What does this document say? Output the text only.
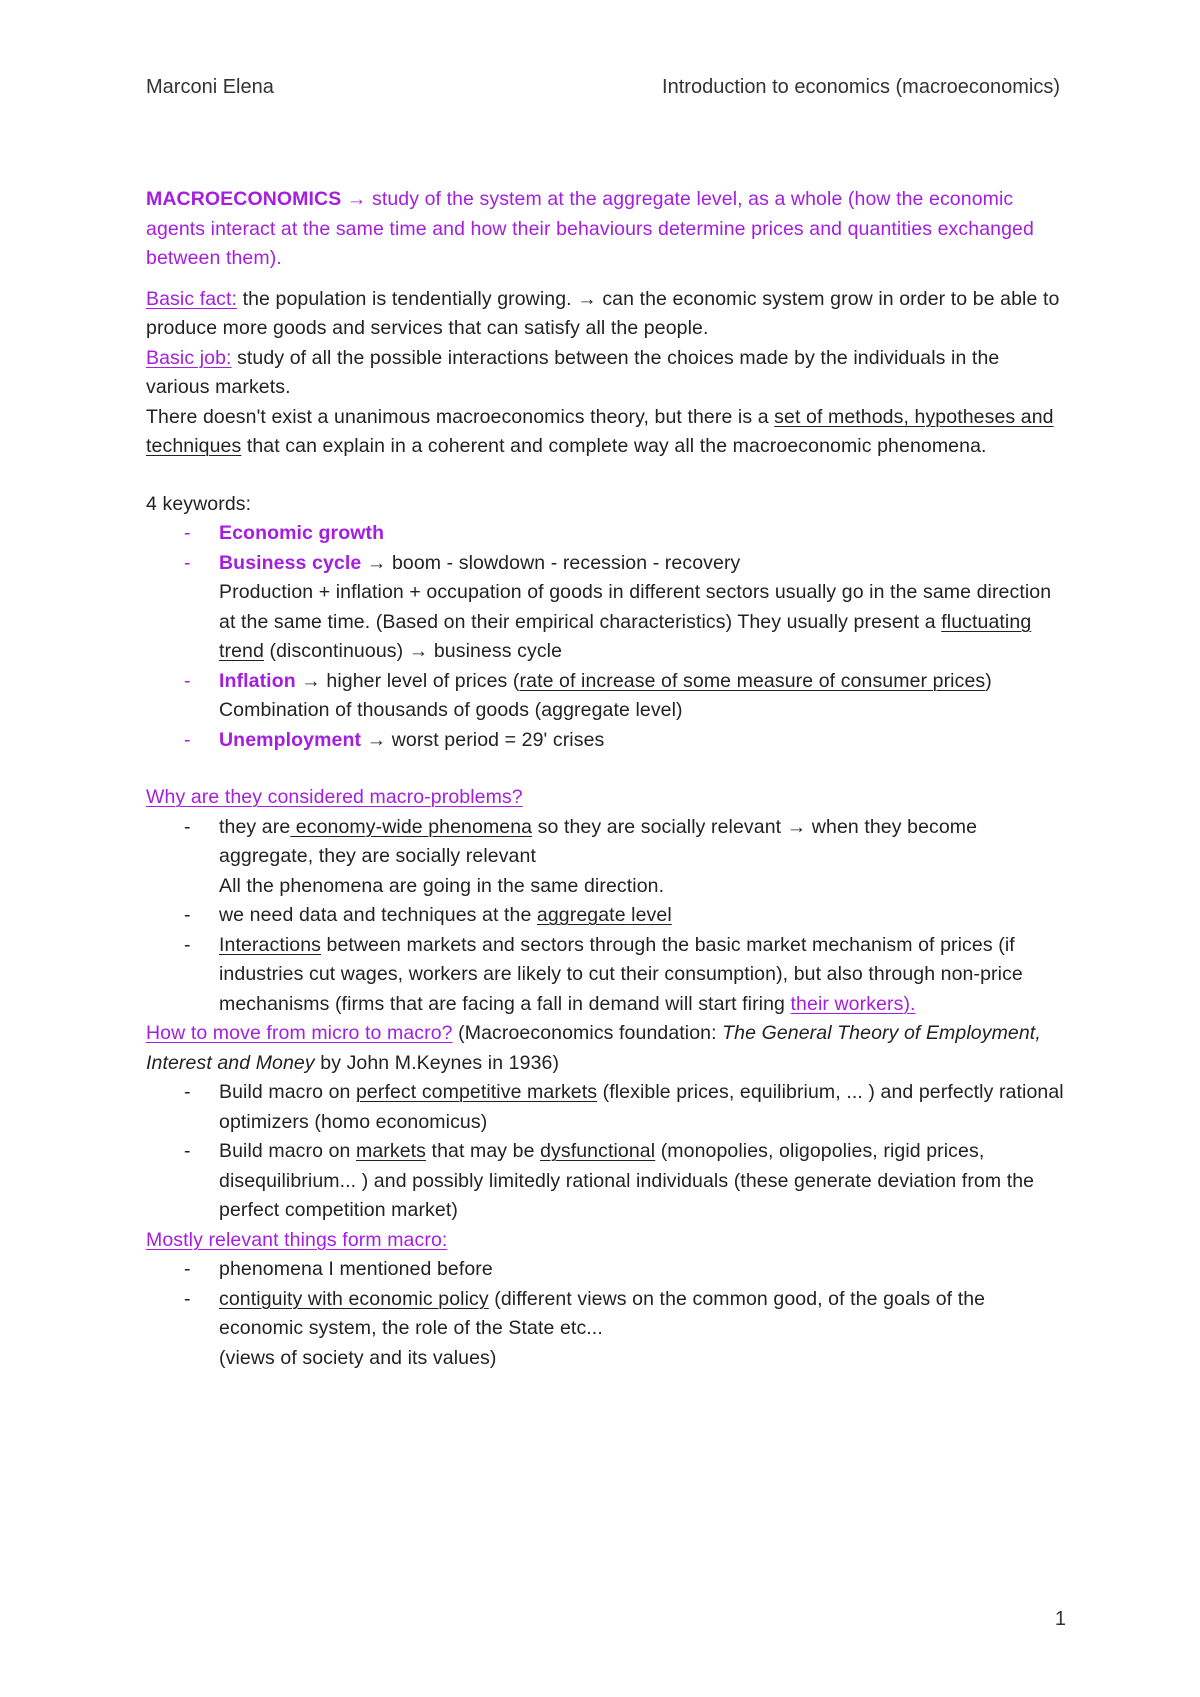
Marconi Elena	Introduction to economics (macroeconomics)

MACROECONOMICS → study of the system at the aggregate level, as a whole (how the economic agents interact at the same time and how their behaviours determine prices and quantities exchanged between them).

Basic fact: the population is tendentially growing. → can the economic system grow in order to be able to produce more goods and services that can satisfy all the people.

Basic job: study of all the possible interactions between the choices made by the individuals in the various markets.

There doesn't exist a unanimous macroeconomics theory, but there is a set of methods, hypotheses and techniques that can explain in a coherent and complete way all the macroeconomic phenomena.

4 keywords:

- Economic growth
- Business cycle → boom - slowdown - recession - recovery

Production + inflation + occupation of goods in different sectors usually go in the same direction at the same time. (Based on their empirical characteristics) They usually present a fluctuating trend (discontinuous) → business cycle

- Inflation → higher level of prices (rate of increase of some measure of consumer prices)

Combination of thousands of goods (aggregate level)

- Unemployment → worst period = 29' crises

Why are they considered macro-problems?

- they are economy-wide phenomena so they are socially relevant → when they become aggregate, they are socially relevant

All the phenomena are going in the same direction.

- we need data and techniques at the aggregate level
- Interactions between markets and sectors through the basic market mechanism of prices (if industries cut wages, workers are likely to cut their consumption), but also through non-price mechanisms (firms that are facing a fall in demand will start firing their workers).

How to move from micro to macro? (Macroeconomics foundation: The General Theory of Employment, Interest and Money by John M.Keynes in 1936)

- Build macro on perfect competitive markets (flexible prices, equilibrium, ... ) and perfectly rational optimizers (homo economicus)
- Build macro on markets that may be dysfunctional (monopolies, oligopolies, rigid prices, disequilibrium... ) and possibly limitedly rational individuals (these generate deviation from the perfect competition market)

Mostly relevant things form macro:

- phenomena I mentioned before
- contiguity with economic policy (different views on the common good, of the goals of the economic system, the role of the State etc...

(views of society and its values)

1
